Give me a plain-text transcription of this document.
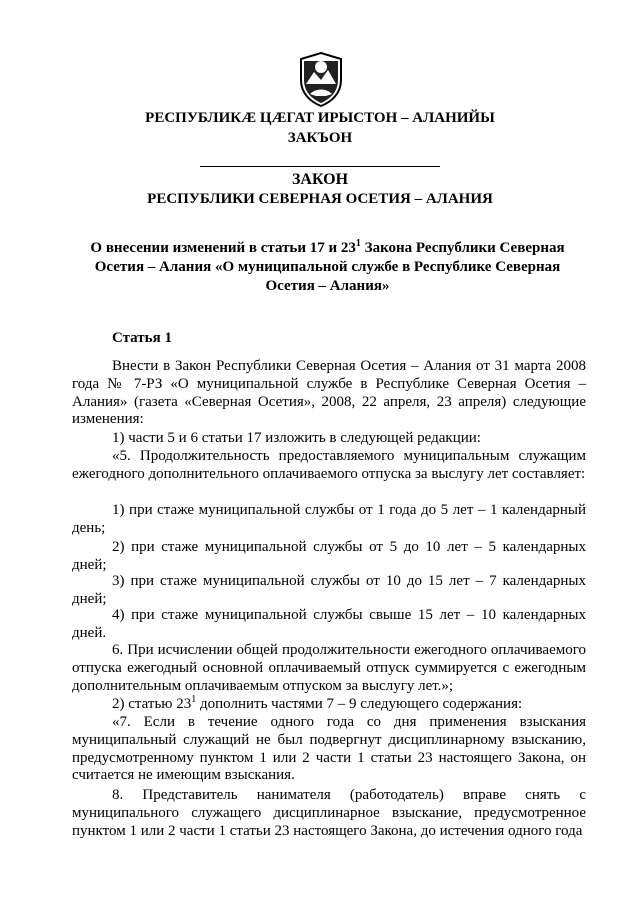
РЕСПУБЛИКÆ ЦÆГАТ ИРЫСТОН – АЛАНИЙЫ
ЗАКЪОН
ЗАКОН
РЕСПУБЛИКИ СЕВЕРНАЯ ОСЕТИЯ – АЛАНИЯ
О внесении изменений в статьи 17 и $23^1$ Закона Республики Северная Осетия – Алания «О муниципальной службе в Республике Северная Осетия – Алания»
Статья 1
Внести в Закон Республики Северная Осетия – Алания от 31 марта 2008 года № 7-РЗ «О муниципальной службе в Республике Северная Осетия – Алания» (газета «Северная Осетия», 2008, 22 апреля, 23 апреля) следующие изменения:
1) части 5 и 6 статьи 17 изложить в следующей редакции:
«5. Продолжительность предоставляемого муниципальным служащим ежегодного дополнительного оплачиваемого отпуска за выслугу лет составляет:
1) при стаже муниципальной службы от 1 года до 5 лет – 1 календарный день;
2) при стаже муниципальной службы от 5 до 10 лет – 5 календарных дней;
3) при стаже муниципальной службы от 10 до 15 лет – 7 календарных дней;
4) при стаже муниципальной службы свыше 15 лет – 10 календарных дней.
6. При исчислении общей продолжительности ежегодного оплачиваемого отпуска ежегодный основной оплачиваемый отпуск суммируется с ежегодным дополнительным оплачиваемым отпуском за выслугу лет.»;
2) статью $23^1$ дополнить частями 7 – 9 следующего содержания:
«7. Если в течение одного года со дня применения взыскания муниципальный служащий не был подвергнут дисциплинарному взысканию, предусмотренному пунктом 1 или 2 части 1 статьи 23 настоящего Закона, он считается не имеющим взыскания.
8. Представитель нанимателя (работодатель) вправе снять с муниципального служащего дисциплинарное взыскание, предусмотренное пунктом 1 или 2 части 1 статьи 23 настоящего Закона, до истечения одного года
